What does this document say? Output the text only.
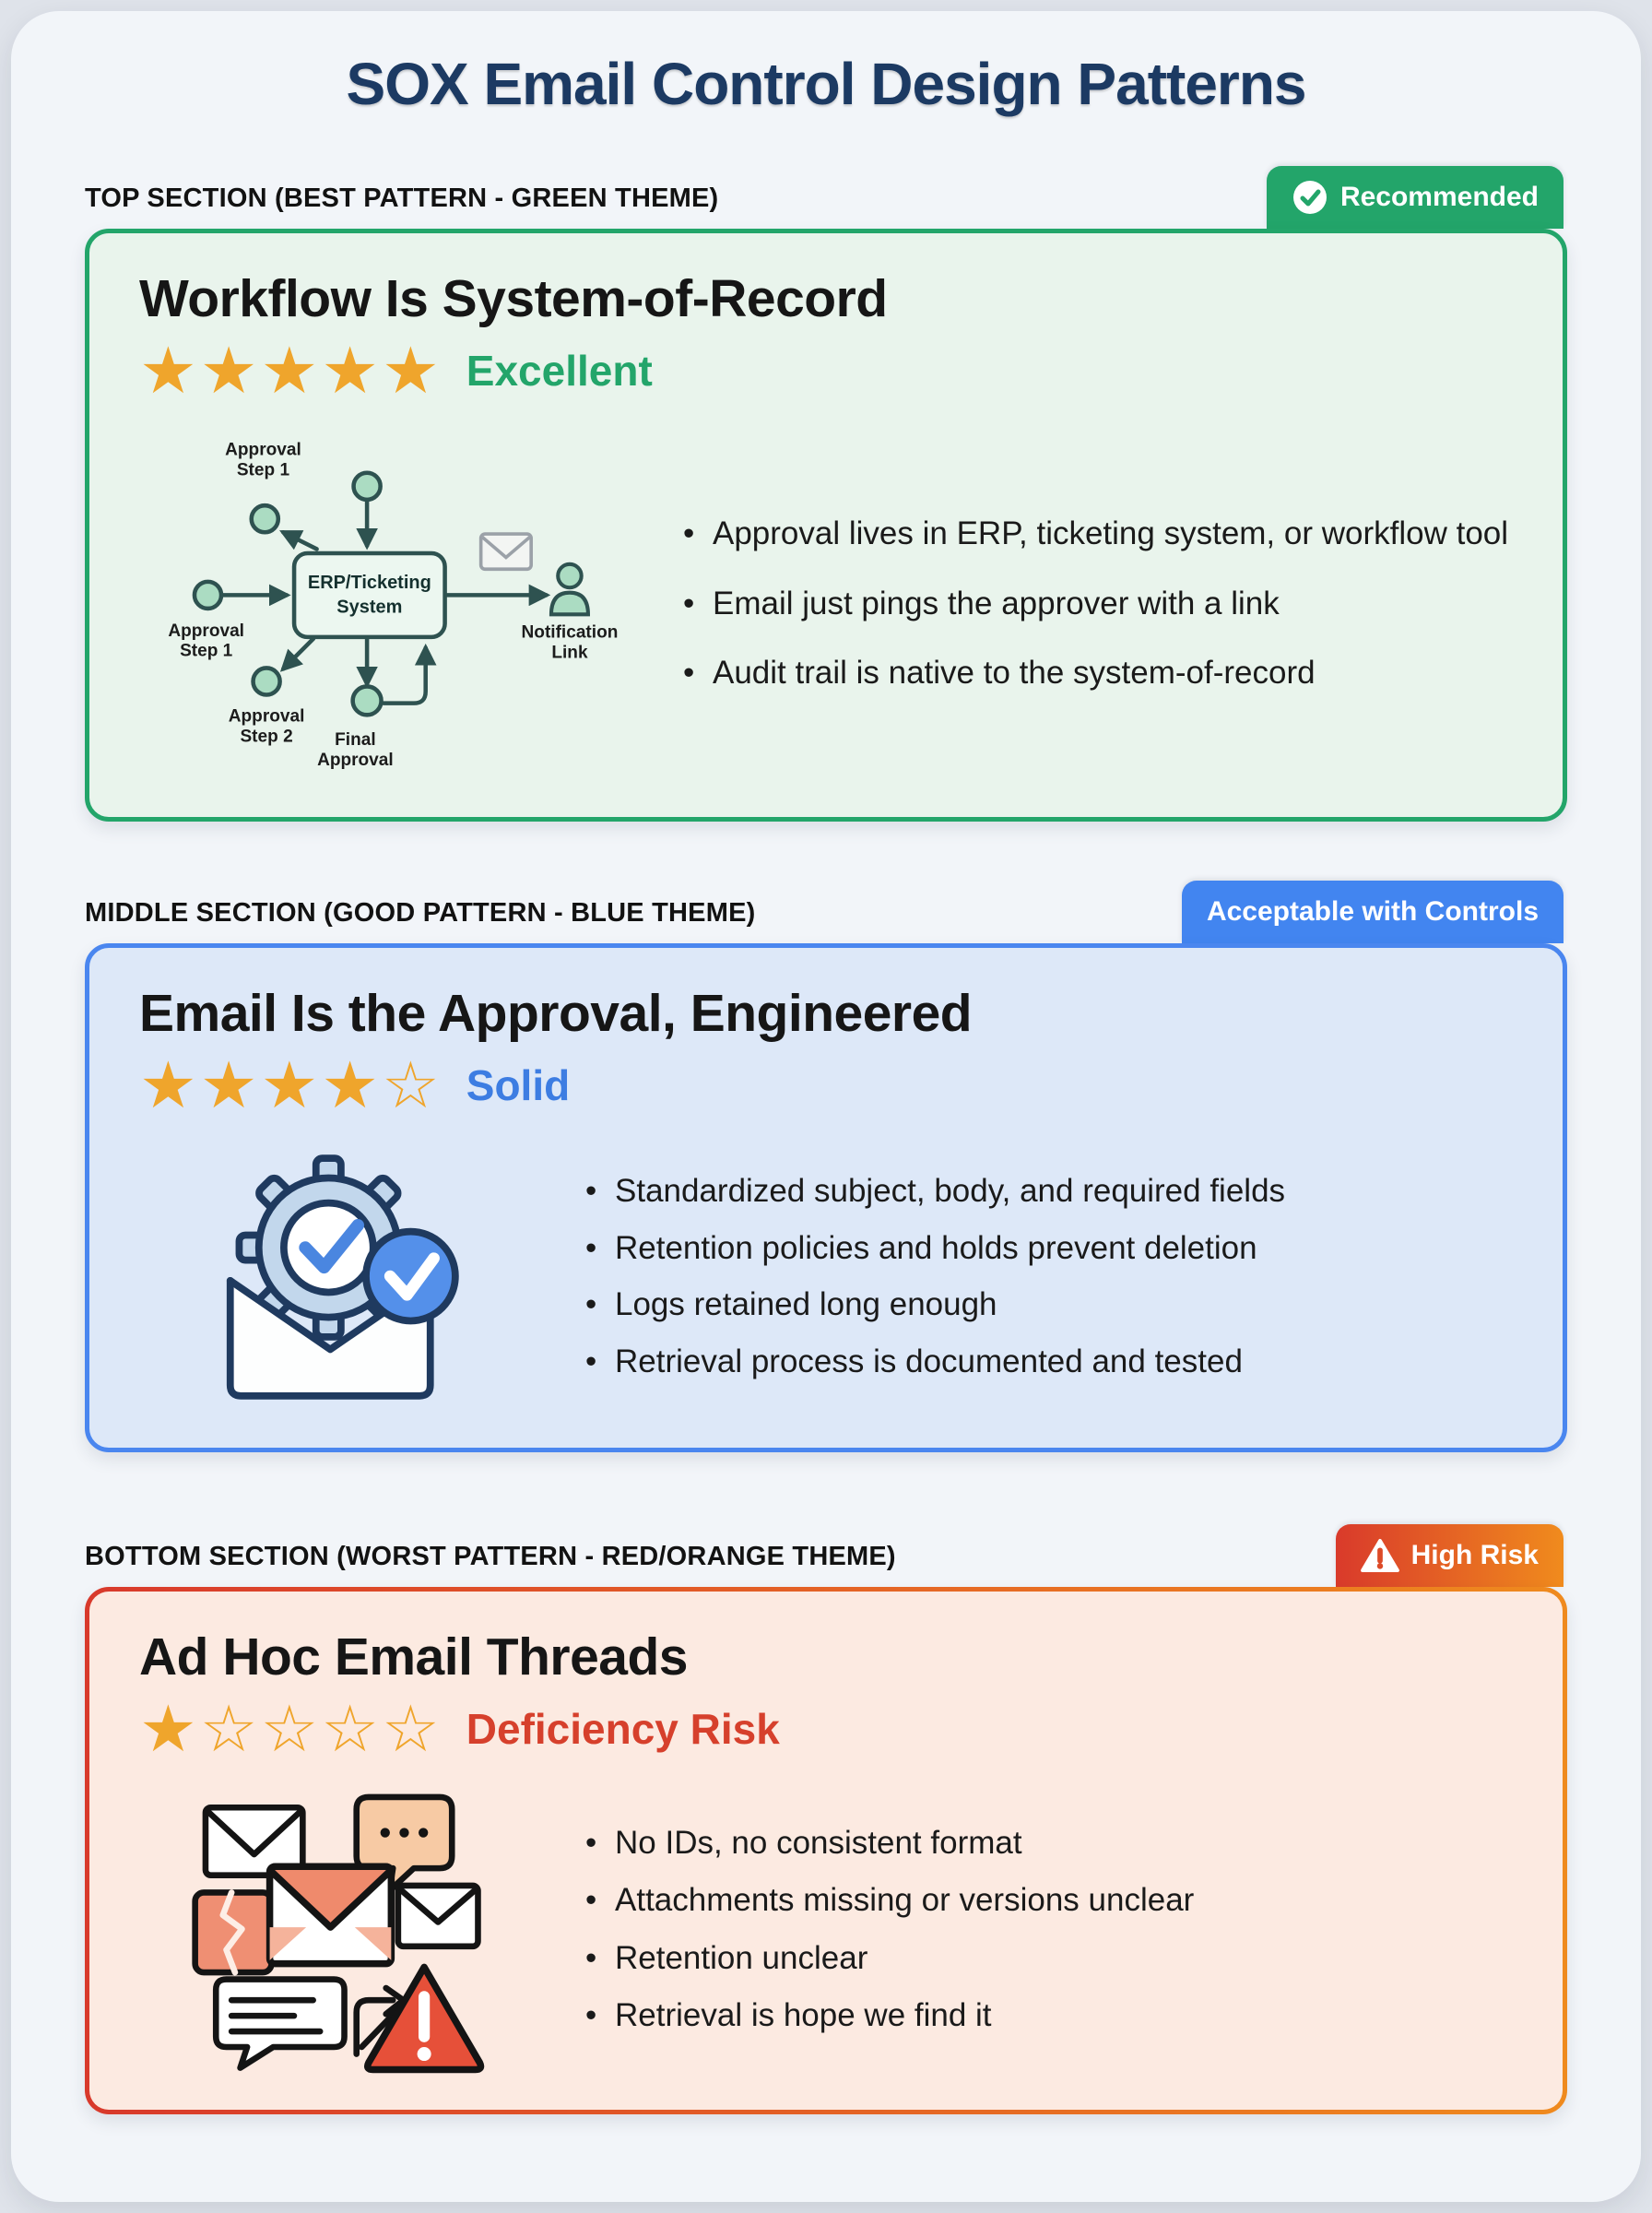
SOX Email Control Design Patterns
TOP SECTION (BEST PATTERN - GREEN THEME)	Recommended
Workflow Is System-of-Record
★★★★★ Excellent
Approval
Step 1
Approval
Step 1
Approval
Step 2 Final
Approval
Notification
Link
ERP/Ticketing
System
• Approval lives in ERP, ticketing system, or workflow tool
• Email just pings the approver with a link
• Audit trail is native to the system-of-record
MIDDLE SECTION (GOOD PATTERN - BLUE THEME)	Acceptable with Controls
Email Is the Approval, Engineered
★★★★☆ Solid
• Standardized subject, body, and required fields
• Retention policies and holds prevent deletion
• Logs retained long enough
• Retrieval process is documented and tested
BOTTOM SECTION (WORST PATTERN - RED/ORANGE THEME)	High Risk
Ad Hoc Email Threads
★☆☆☆☆ Deficiency Risk
• No IDs, no consistent format
• Attachments missing or versions unclear
• Retention unclear
• Retrieval is hope we find it
